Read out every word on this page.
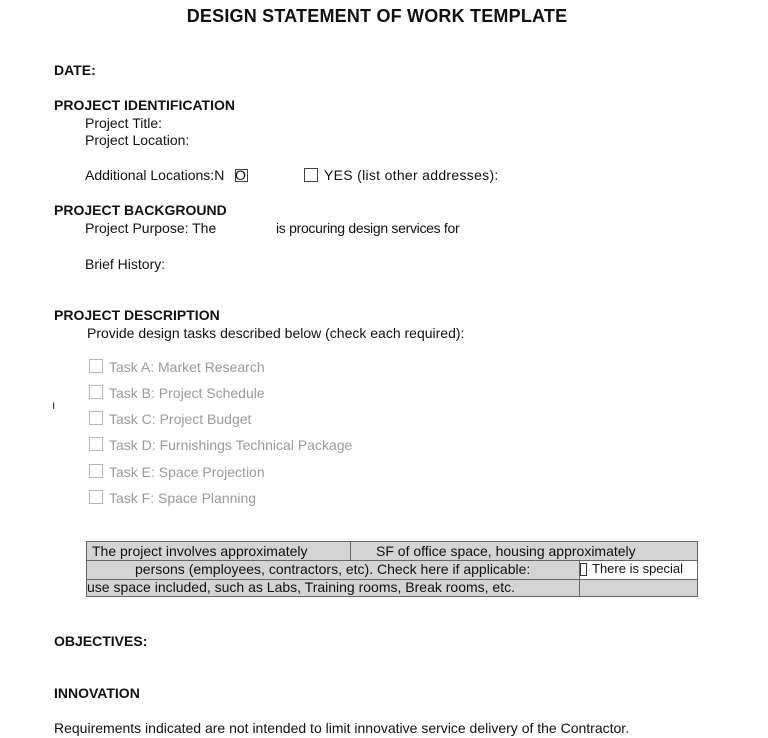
DESIGN STATEMENT OF WORK TEMPLATE
DATE:
PROJECT IDENTIFICATION
Project Title:
Project Location:
Additional Locations:N O	YES (list other addresses):
PROJECT BACKGROUND
Project Purpose: The	is procuring design services for
Brief History:
PROJECT DESCRIPTION
Provide design tasks described below (check each required):
Task A: Market Research
Task B: Project Schedule
Task C: Project Budget
Task D: Furnishings Technical Package
Task E: Space Projection
Task F: Space Planning
ı
The project involves approximately	SF of office space, housing approximately
persons (employees, contractors, etc). Check here if applicable:	There is special
use space included, such as Labs, Training rooms, Break rooms, etc.
OBJECTIVES:
INNOVATION
Requirements indicated are not intended to limit innovative service delivery of the Contractor.
